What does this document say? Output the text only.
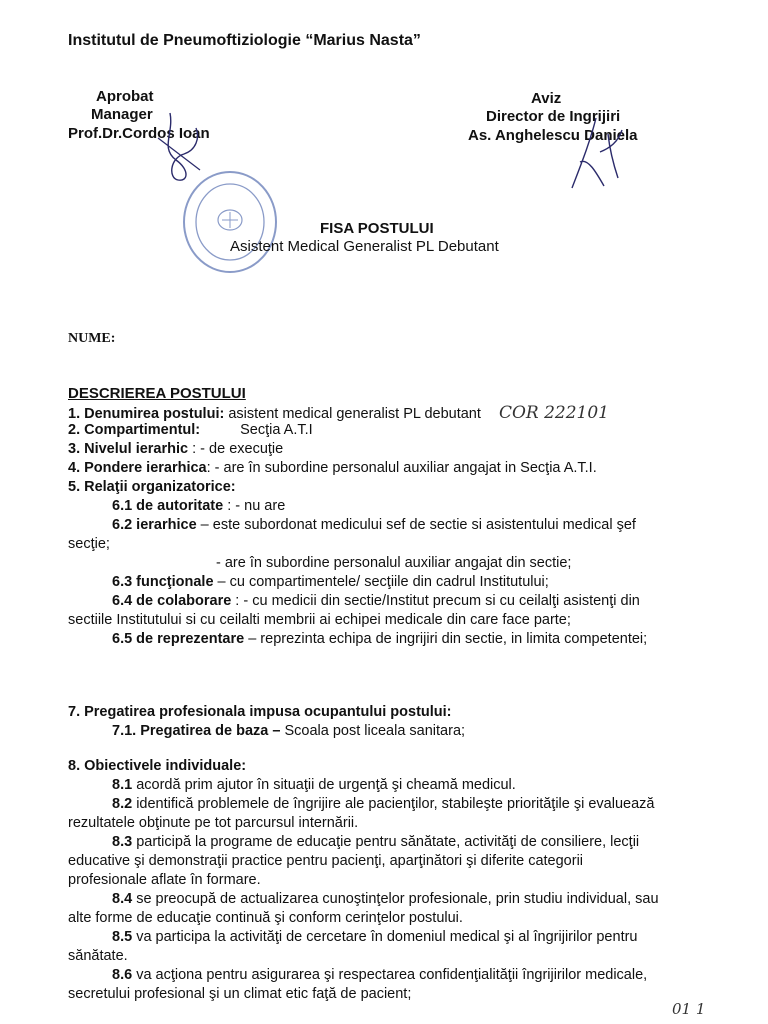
Institutul de Pneumoftiziologie “Marius Nasta”
Aprobat
Manager
Prof.Dr.Cordos Ioan
Aviz
Director de Ingrijiri
As. Anghelescu Daniela
FISA POSTULUI
Asistent Medical Generalist PL Debutant
NUME:
DESCRIEREA POSTULUI
1. Denumirea postului: asistent medical generalist PL debutant COR 222101
2. Compartimentul:	Secţia A.T.I
3. Nivelul ierarhic : - de execuţie
4. Pondere ierarhica: - are în subordine personalul auxiliar angajat in Secţia A.T.I.
5. Relaţii organizatorice:
6.1 de autoritate : - nu are
6.2 ierarhice – este subordonat medicului sef de sectie si asistentului medical şef
secţie;
- are în subordine personalul auxiliar angajat din sectie;
6.3 funcţionale – cu compartimentele/ secţiile din cadrul Institutului;
6.4 de colaborare : - cu medicii din sectie/Institut precum si cu ceilalţi asistenţi din
sectiile Institutului si cu ceilalti membrii ai echipei medicale din care face parte;
6.5 de reprezentare – reprezinta echipa de ingrijiri din sectie, in limita competentei;
7. Pregatirea profesionala impusa ocupantului postului:
7.1. Pregatirea de baza – Scoala post liceala sanitara;
8. Obiectivele individuale:
8.1 acordă prim ajutor în situaţii de urgenţă şi cheamă medicul.
8.2 identifică problemele de îngrijire ale pacienţilor, stabileşte priorităţile şi evaluează
rezultatele obţinute pe tot parcursul internării.
8.3 participă la programe de educaţie pentru sănătate, activităţi de consiliere, lecţii
educative şi demonstraţii practice pentru pacienţi, aparţinători şi diferite categorii
profesionale aflate în formare.
8.4 se preocupă de actualizarea cunoştinţelor profesionale, prin studiu individual, sau
alte forme de educaţie continuă şi conform cerinţelor postului.
8.5 va participa la activităţi de cercetare în domeniul medical şi al îngrijirilor pentru
sănătate.
8.6 va acţiona pentru asigurarea şi respectarea confidenţialităţii îngrijirilor medicale,
secretului profesional şi un climat etic faţă de pacient;
01 1
